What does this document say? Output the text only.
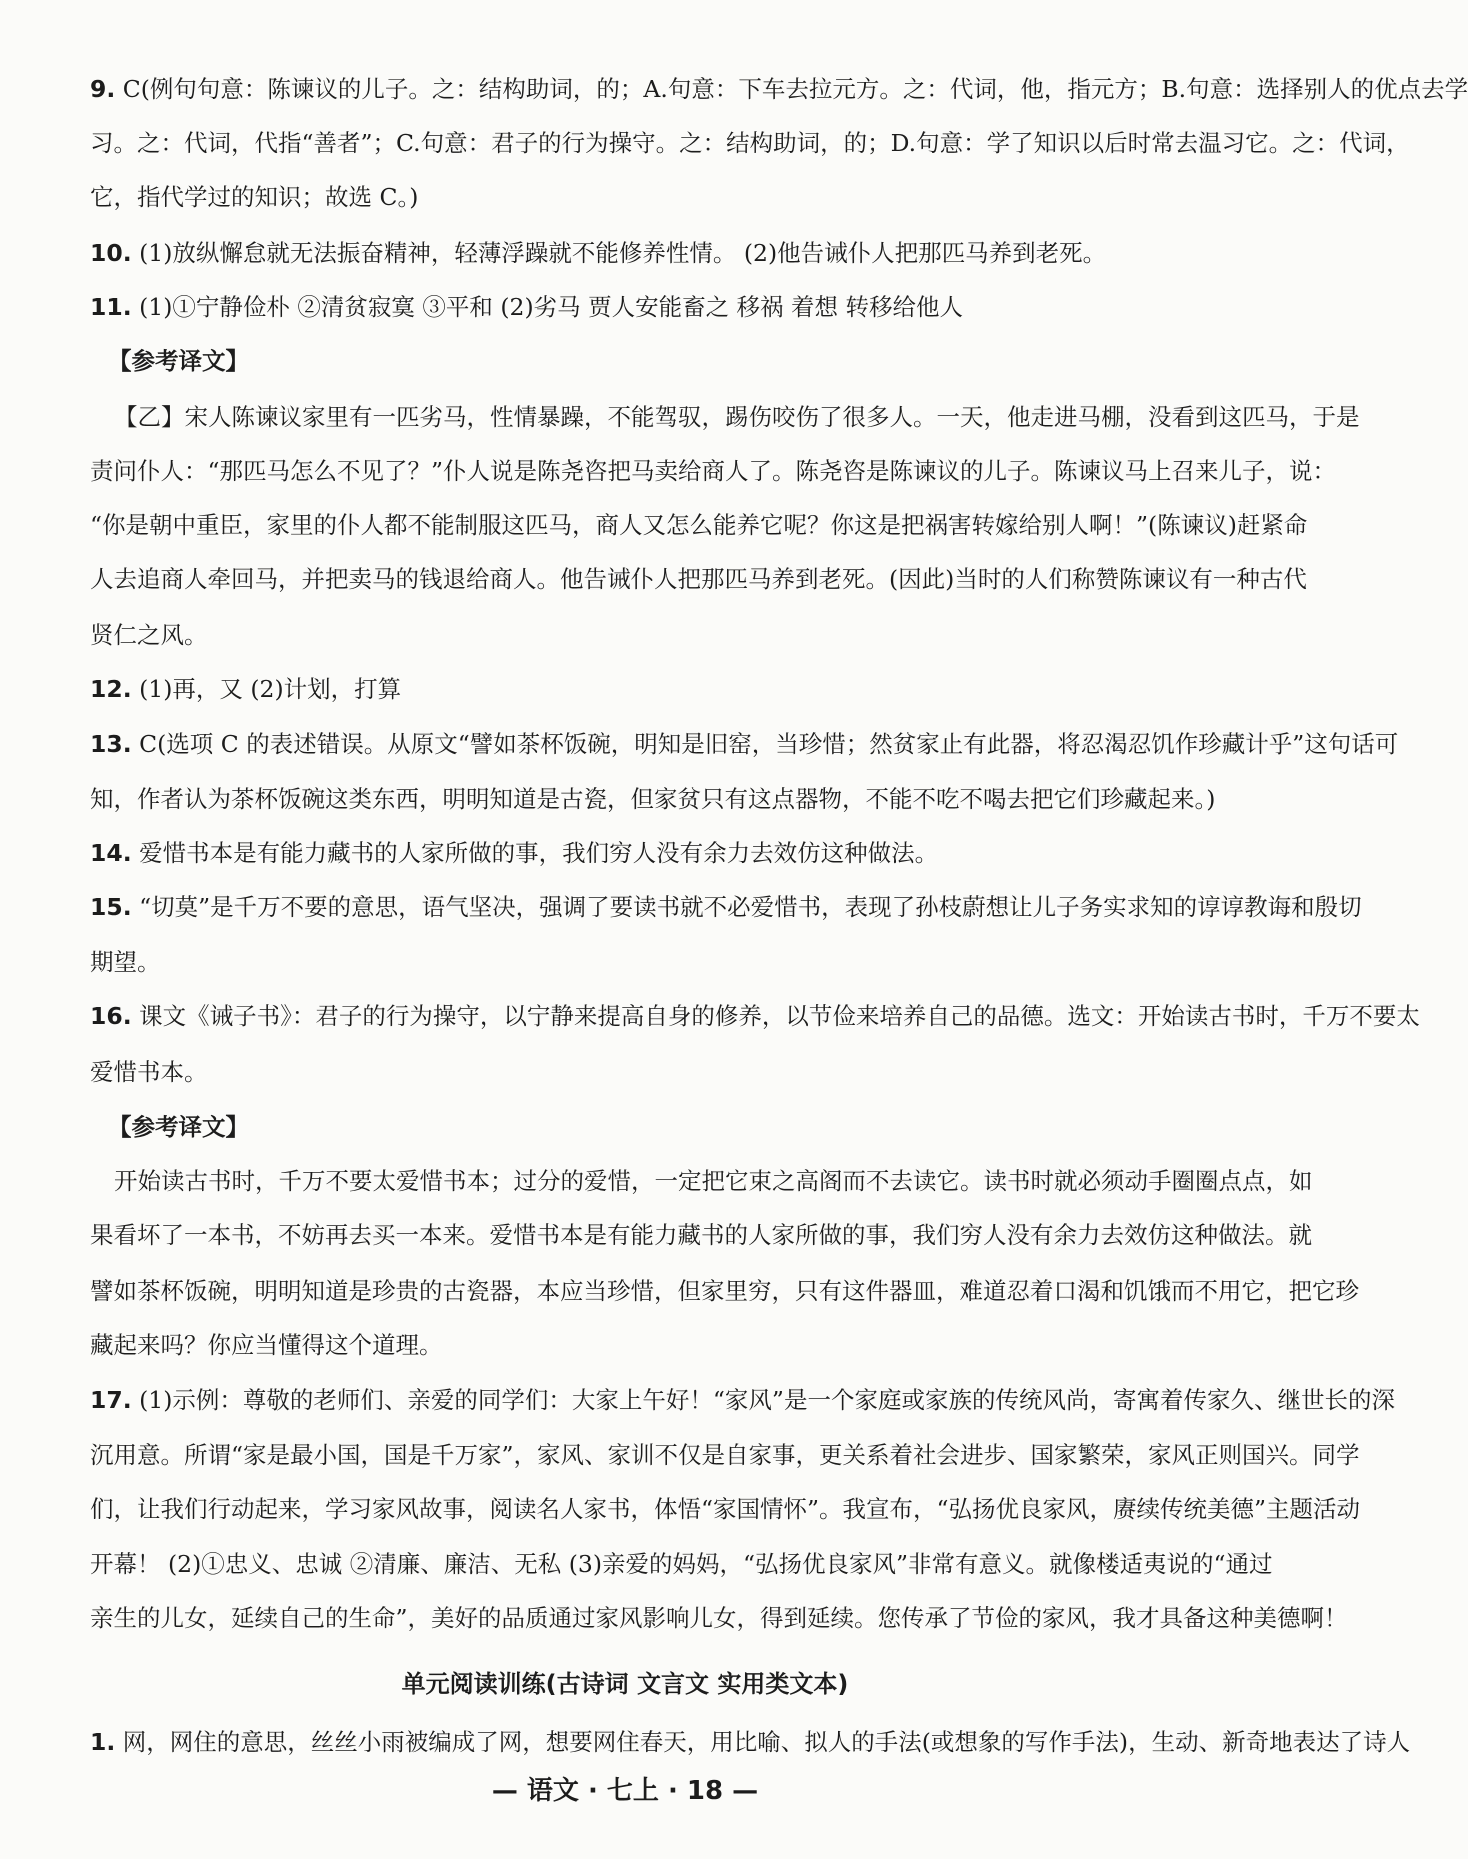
9. C(例句句意：陈谏议的儿子。之：结构助词，的；A.句意：下车去拉元方。之：代词，他，指元方；B.句意：选择别人的优点去学
习。之：代词，代指“善者”；C.句意：君子的行为操守。之：结构助词，的；D.句意：学了知识以后时常去温习它。之：代词，
它，指代学过的知识；故选 C。)
10. (1)放纵懈怠就无法振奋精神，轻薄浮躁就不能修养性情。 (2)他告诫仆人把那匹马养到老死。
11. (1)①宁静俭朴 ②清贫寂寞 ③平和 (2)劣马 贾人安能畜之 移祸 着想 转移给他人
【参考译文】
【乙】宋人陈谏议家里有一匹劣马，性情暴躁，不能驾驭，踢伤咬伤了很多人。一天，他走进马棚，没看到这匹马，于是
责问仆人：“那匹马怎么不见了？”仆人说是陈尧咨把马卖给商人了。陈尧咨是陈谏议的儿子。陈谏议马上召来儿子，说：
“你是朝中重臣，家里的仆人都不能制服这匹马，商人又怎么能养它呢？你这是把祸害转嫁给别人啊！”(陈谏议)赶紧命
人去追商人牵回马，并把卖马的钱退给商人。他告诫仆人把那匹马养到老死。(因此)当时的人们称赞陈谏议有一种古代
贤仁之风。
12. (1)再，又 (2)计划，打算
13. C(选项 C 的表述错误。从原文“譬如茶杯饭碗，明知是旧窑，当珍惜；然贫家止有此器，将忍渴忍饥作珍藏计乎”这句话可
知，作者认为茶杯饭碗这类东西，明明知道是古瓷，但家贫只有这点器物，不能不吃不喝去把它们珍藏起来。)
14. 爱惜书本是有能力藏书的人家所做的事，我们穷人没有余力去效仿这种做法。
15. “切莫”是千万不要的意思，语气坚决，强调了要读书就不必爱惜书，表现了孙枝蔚想让儿子务实求知的谆谆教诲和殷切
期望。
16. 课文《诫子书》：君子的行为操守，以宁静来提高自身的修养，以节俭来培养自己的品德。选文：开始读古书时，千万不要太
爱惜书本。
【参考译文】
开始读古书时，千万不要太爱惜书本；过分的爱惜，一定把它束之高阁而不去读它。读书时就必须动手圈圈点点，如
果看坏了一本书，不妨再去买一本来。爱惜书本是有能力藏书的人家所做的事，我们穷人没有余力去效仿这种做法。就
譬如茶杯饭碗，明明知道是珍贵的古瓷器，本应当珍惜，但家里穷，只有这件器皿，难道忍着口渴和饥饿而不用它，把它珍
藏起来吗？你应当懂得这个道理。
17. (1)示例：尊敬的老师们、亲爱的同学们：大家上午好！“家风”是一个家庭或家族的传统风尚，寄寓着传家久、继世长的深
沉用意。所谓“家是最小国，国是千万家”，家风、家训不仅是自家事，更关系着社会进步、国家繁荣，家风正则国兴。同学
们，让我们行动起来，学习家风故事，阅读名人家书，体悟“家国情怀”。我宣布，“弘扬优良家风，赓续传统美德”主题活动
开幕！ (2)①忠义、忠诚 ②清廉、廉洁、无私 (3)亲爱的妈妈，“弘扬优良家风”非常有意义。就像楼适夷说的“通过
亲生的儿女，延续自己的生命”，美好的品质通过家风影响儿女，得到延续。您传承了节俭的家风，我才具备这种美德啊！
1. 网，网住的意思，丝丝小雨被编成了网，想要网住春天，用比喻、拟人的手法(或想象的写作手法)，生动、新奇地表达了诗人
单元阅读训练(古诗词 文言文 实用类文本)
— 语文 · 七上 · 18 —
